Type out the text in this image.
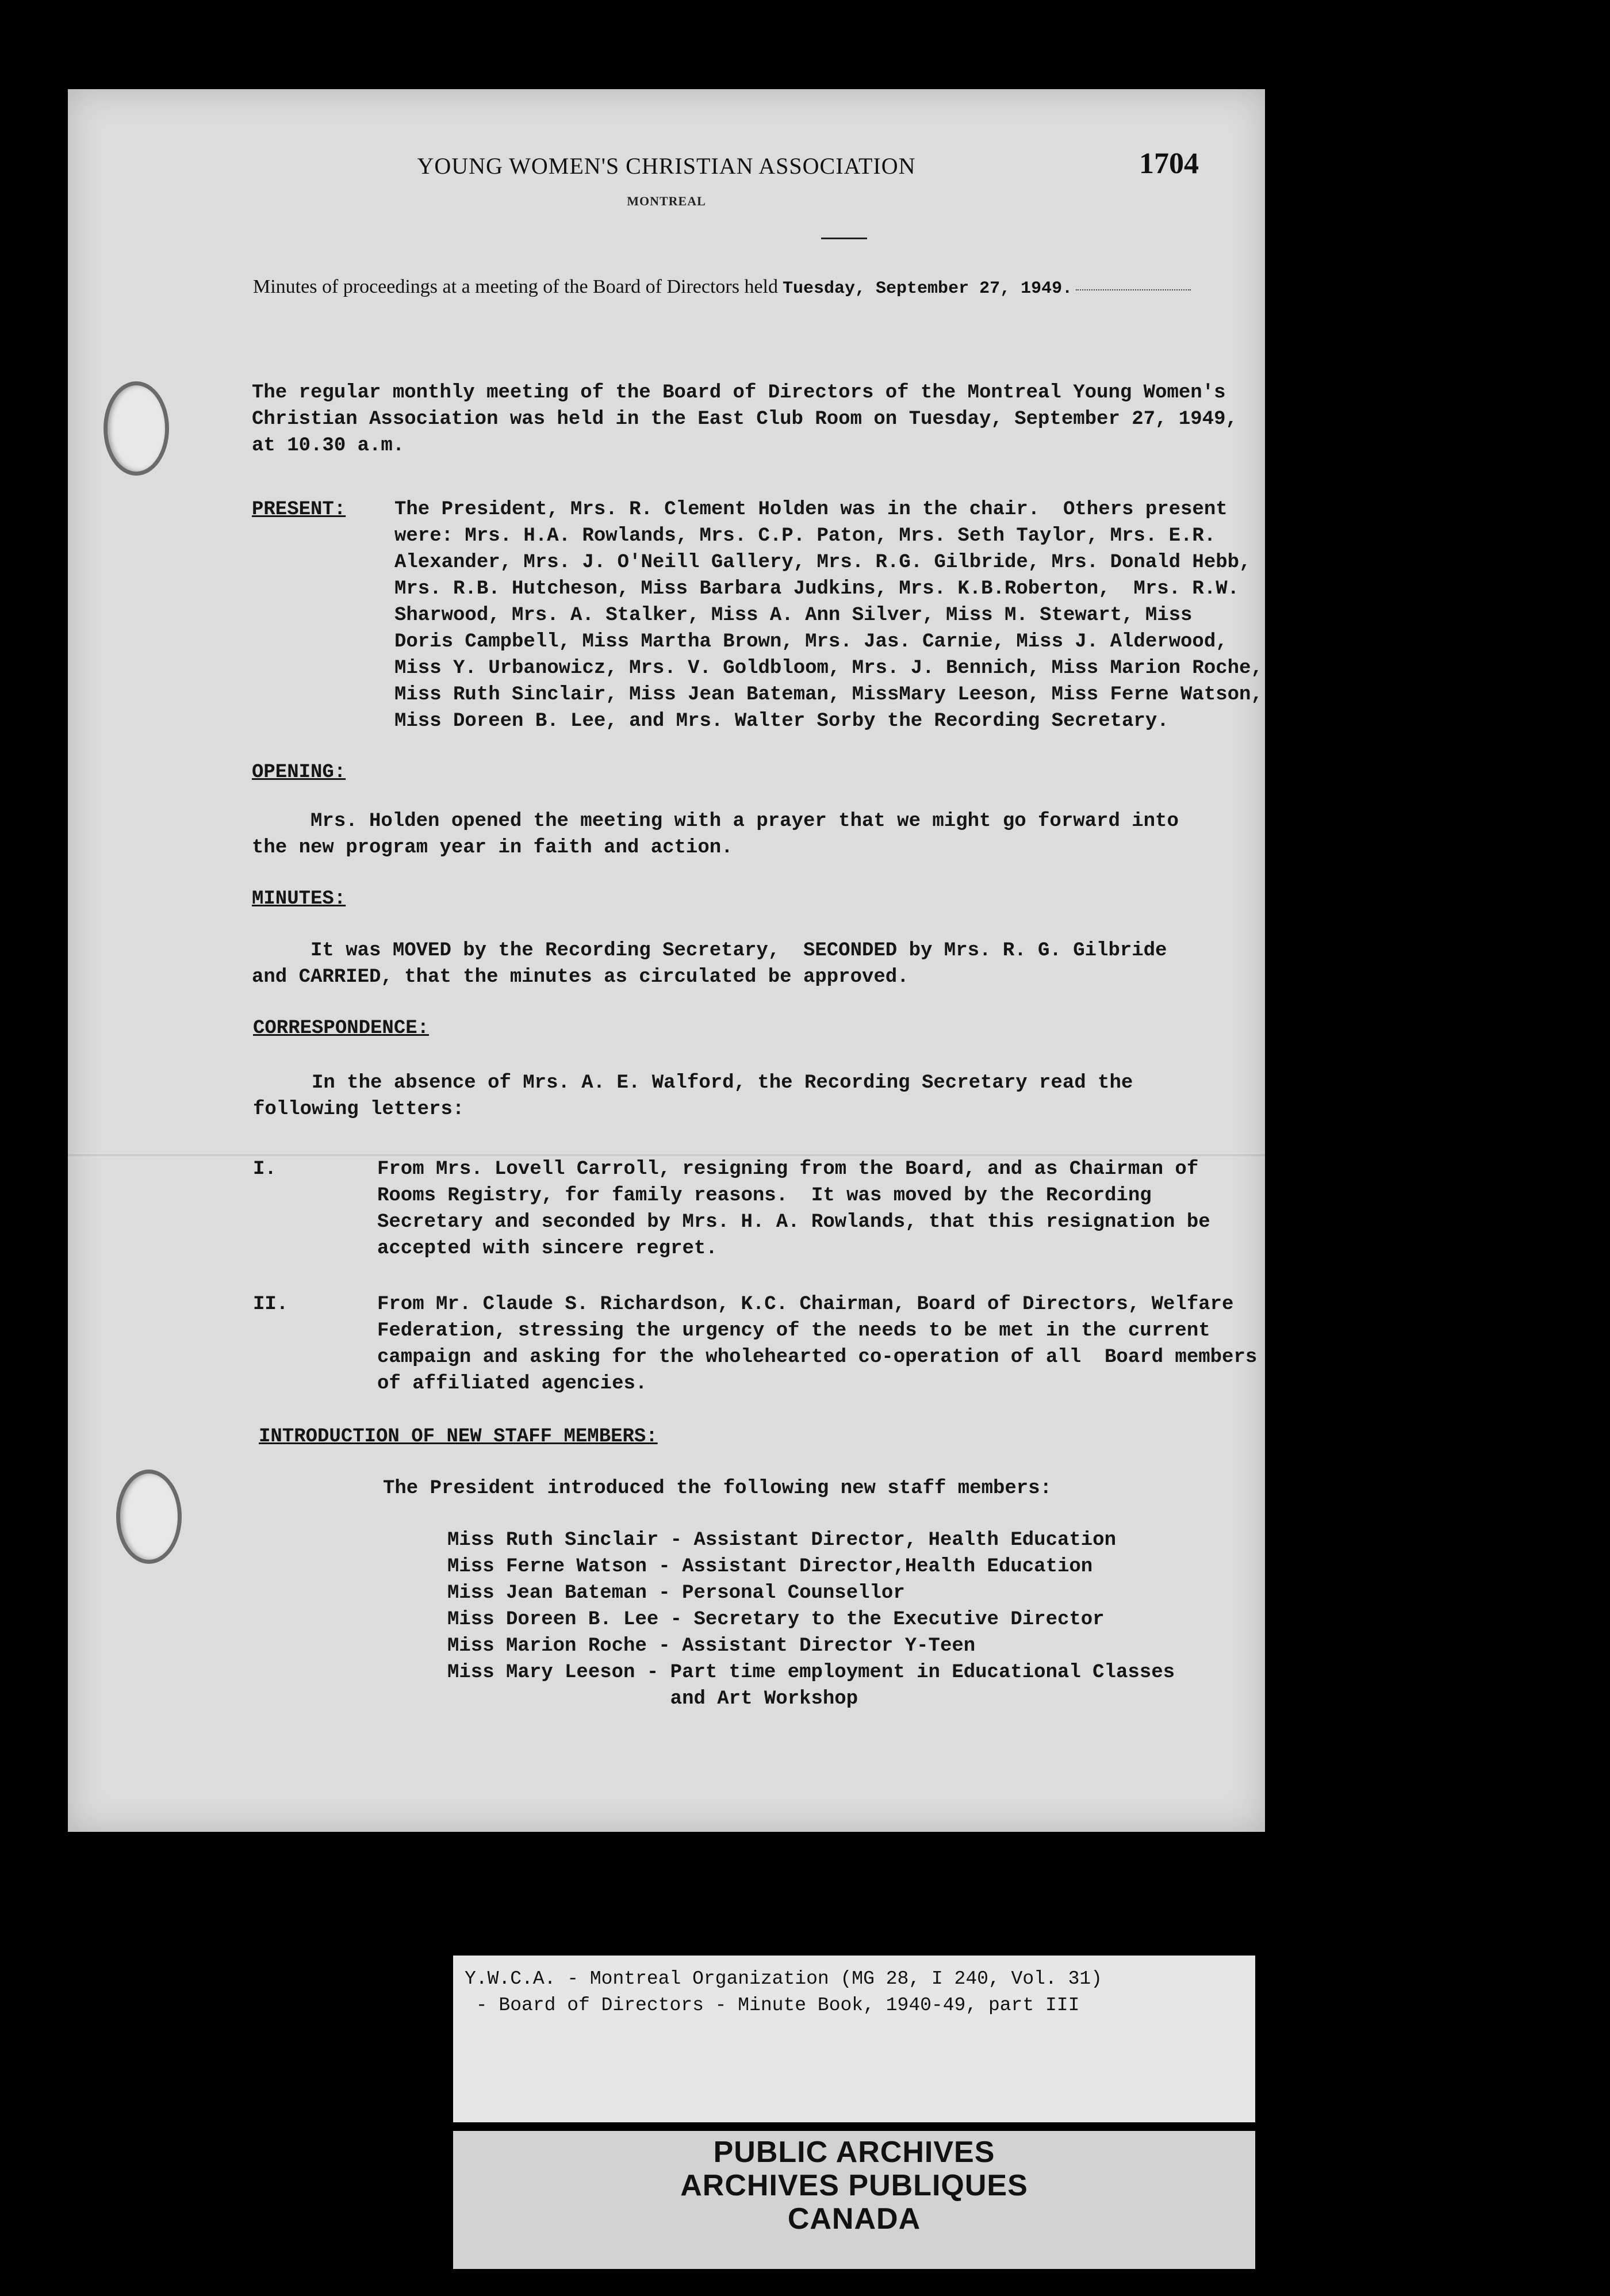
YOUNG WOMEN'S CHRISTIAN ASSOCIATION
MONTREAL
1704
Minutes of proceedings at a meeting of the Board of Directors held Tuesday, September 27, 1949.
The regular monthly meeting of the Board of Directors of the Montreal Young Women's
Christian Association was held in the East Club Room on Tuesday, September 27, 1949,
at 10.30 a.m.
PRESENT: The President, Mrs. R. Clement Holden was in the chair.  Others present
were: Mrs. H.A. Rowlands, Mrs. C.P. Paton, Mrs. Seth Taylor, Mrs. E.R.
Alexander, Mrs. J. O'Neill Gallery, Mrs. R.G. Gilbride, Mrs. Donald Hebb,
Mrs. R.B. Hutcheson, Miss Barbara Judkins, Mrs. K.B.Roberton,  Mrs. R.W.
Sharwood, Mrs. A. Stalker, Miss A. Ann Silver, Miss M. Stewart, Miss
Doris Campbell, Miss Martha Brown, Mrs. Jas. Carnie, Miss J. Alderwood,
Miss Y. Urbanowicz, Mrs. V. Goldbloom, Mrs. J. Bennich, Miss Marion Roche,
Miss Ruth Sinclair, Miss Jean Bateman, MissMary Leeson, Miss Ferne Watson,
Miss Doreen B. Lee, and Mrs. Walter Sorby the Recording Secretary.
OPENING:
Mrs. Holden opened the meeting with a prayer that we might go forward into
the new program year in faith and action.
MINUTES:
It was MOVED by the Recording Secretary,  SECONDED by Mrs. R. G. Gilbride
and CARRIED, that the minutes as circulated be approved.
CORRESPONDENCE:
In the absence of Mrs. A. E. Walford, the Recording Secretary read the
following letters:
I.	From Mrs. Lovell Carroll, resigning from the Board, and as Chairman of
Rooms Registry, for family reasons.  It was moved by the Recording
Secretary and seconded by Mrs. H. A. Rowlands, that this resignation be
accepted with sincere regret.
II.	From Mr. Claude S. Richardson, K.C. Chairman, Board of Directors, Welfare
Federation, stressing the urgency of the needs to be met in the current
campaign and asking for the wholehearted co-operation of all  Board members
of affiliated agencies.
INTRODUCTION OF NEW STAFF MEMBERS:
The President introduced the following new staff members:
Miss Ruth Sinclair - Assistant Director, Health Education
Miss Ferne Watson - Assistant Director,Health Education
Miss Jean Bateman - Personal Counsellor
Miss Doreen B. Lee - Secretary to the Executive Director
Miss Marion Roche - Assistant Director Y-Teen
Miss Mary Leeson - Part time employment in Educational Classes
and Art Workshop
Y.W.C.A. - Montreal Organization (MG 28, I 240, Vol. 31)
- Board of Directors - Minute Book, 1940-49, part III
PUBLIC ARCHIVES
ARCHIVES PUBLIQUES
CANADA
